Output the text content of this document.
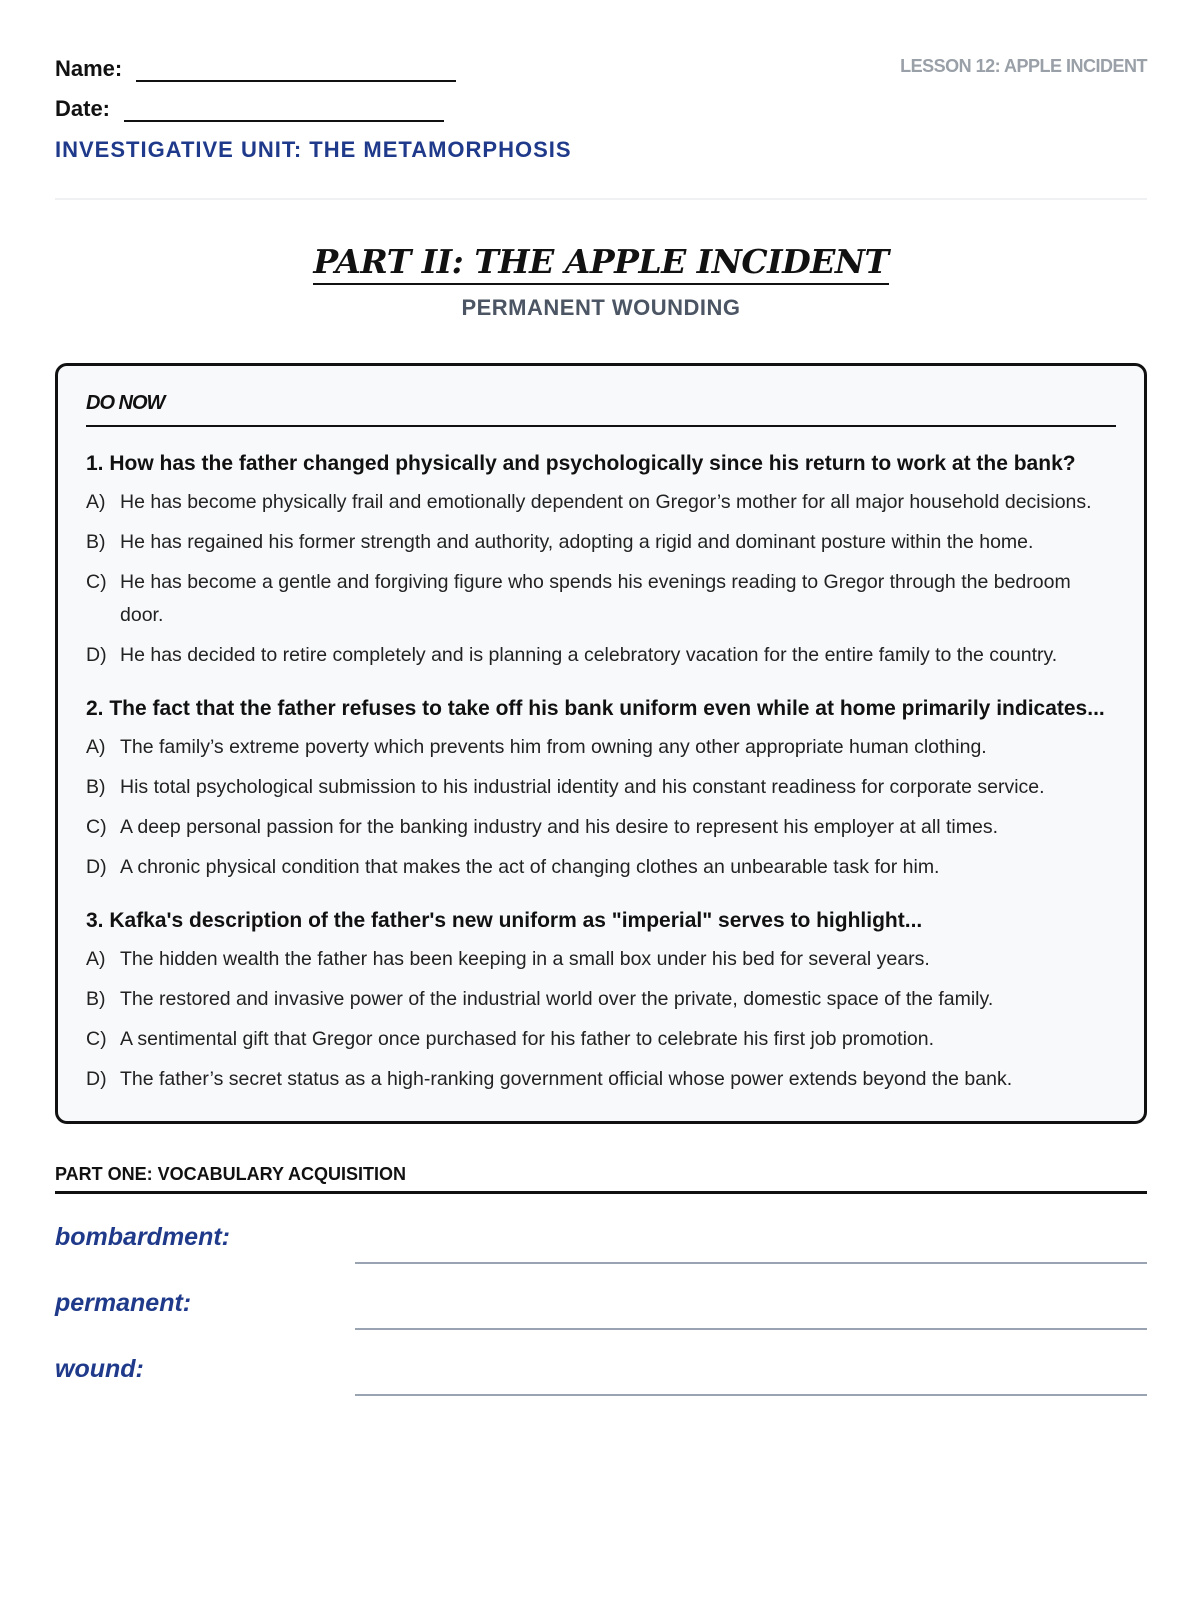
Name:
Date:
INVESTIGATIVE UNIT: THE METAMORPHOSIS
LESSON 12: APPLE INCIDENT
PART II: THE APPLE INCIDENT
PERMANENT WOUNDING
DO NOW
1. How has the father changed physically and psychologically since his return to work at the bank?
A) He has become physically frail and emotionally dependent on Gregor’s mother for all major household decisions.
B) He has regained his former strength and authority, adopting a rigid and dominant posture within the home.
C) He has become a gentle and forgiving figure who spends his evenings reading to Gregor through the bedroom door.
D) He has decided to retire completely and is planning a celebratory vacation for the entire family to the country.
2. The fact that the father refuses to take off his bank uniform even while at home primarily indicates...
A) The family’s extreme poverty which prevents him from owning any other appropriate human clothing.
B) His total psychological submission to his industrial identity and his constant readiness for corporate service.
C) A deep personal passion for the banking industry and his desire to represent his employer at all times.
D) A chronic physical condition that makes the act of changing clothes an unbearable task for him.
3. Kafka's description of the father's new uniform as "imperial" serves to highlight...
A) The hidden wealth the father has been keeping in a small box under his bed for several years.
B) The restored and invasive power of the industrial world over the private, domestic space of the family.
C) A sentimental gift that Gregor once purchased for his father to celebrate his first job promotion.
D) The father’s secret status as a high-ranking government official whose power extends beyond the bank.
PART ONE: VOCABULARY ACQUISITION
bombardment:
permanent:
wound:
